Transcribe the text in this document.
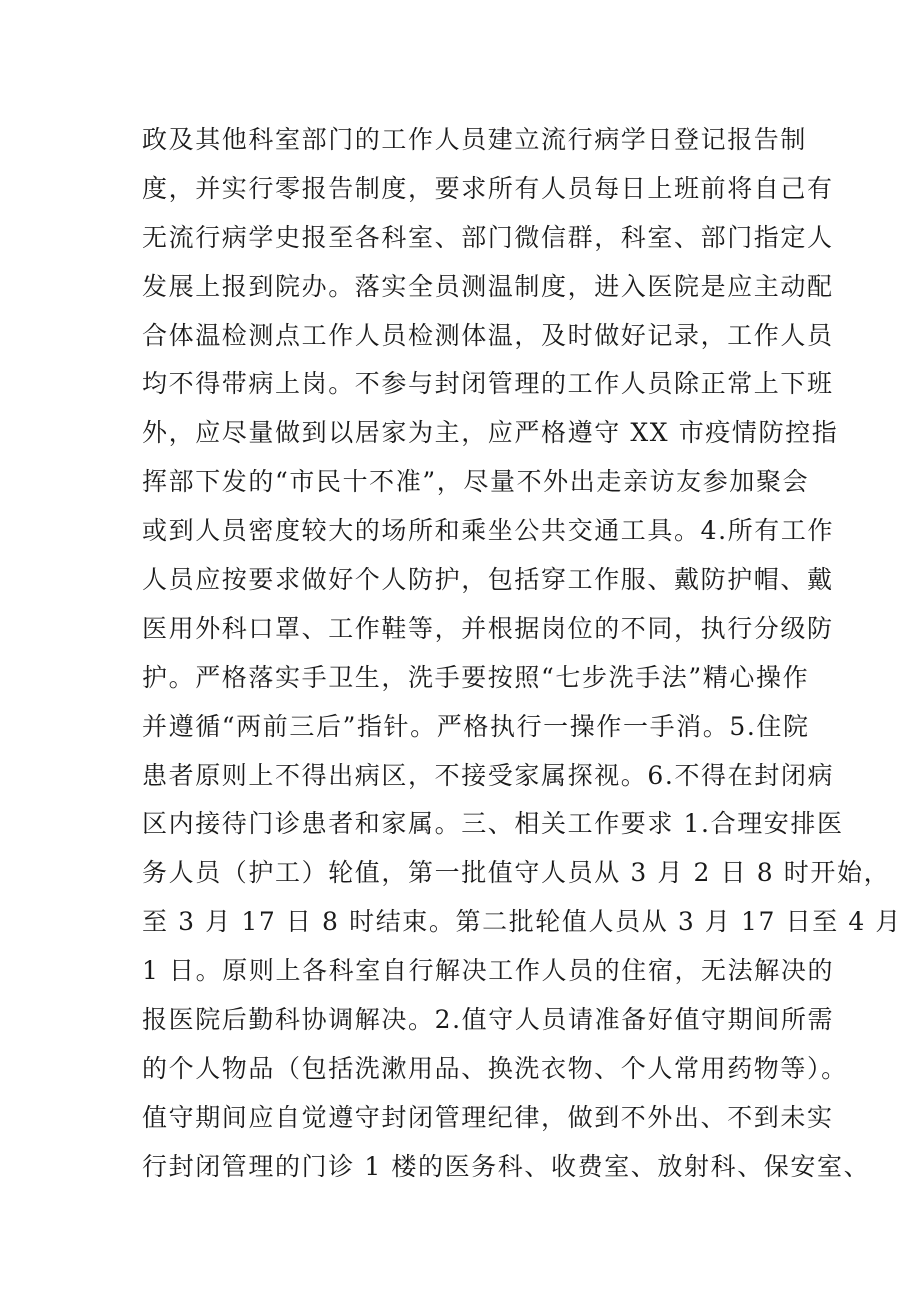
政及其他科室部门的工作人员建立流行病学日登记报告制
度，并实行零报告制度，要求所有人员每日上班前将自己有
无流行病学史报至各科室、部门微信群，科室、部门指定人
发展上报到院办。落实全员测温制度，进入医院是应主动配
合体温检测点工作人员检测体温，及时做好记录，工作人员
均不得带病上岗。不参与封闭管理的工作人员除正常上下班
外，应尽量做到以居家为主，应严格遵守 XX 市疫情防控指
挥部下发的“市民十不准”，尽量不外出走亲访友参加聚会
或到人员密度较大的场所和乘坐公共交通工具。4.所有工作
人员应按要求做好个人防护，包括穿工作服、戴防护帽、戴
医用外科口罩、工作鞋等，并根据岗位的不同，执行分级防
护。严格落实手卫生，洗手要按照“七步洗手法”精心操作
并遵循“两前三后”指针。严格执行一操作一手消。5.住院
患者原则上不得出病区，不接受家属探视。6.不得在封闭病
区内接待门诊患者和家属。三、相关工作要求 1.合理安排医
务人员（护工）轮值，第一批值守人员从 3 月 2 日 8 时开始，
至 3 月 17 日 8 时结束。第二批轮值人员从 3 月 17 日至 4 月
1 日。原则上各科室自行解决工作人员的住宿，无法解决的
报医院后勤科协调解决。2.值守人员请准备好值守期间所需
的个人物品（包括洗漱用品、换洗衣物、个人常用药物等）。
值守期间应自觉遵守封闭管理纪律，做到不外出、不到未实
行封闭管理的门诊 1 楼的医务科、收费室、放射科、保安室、
